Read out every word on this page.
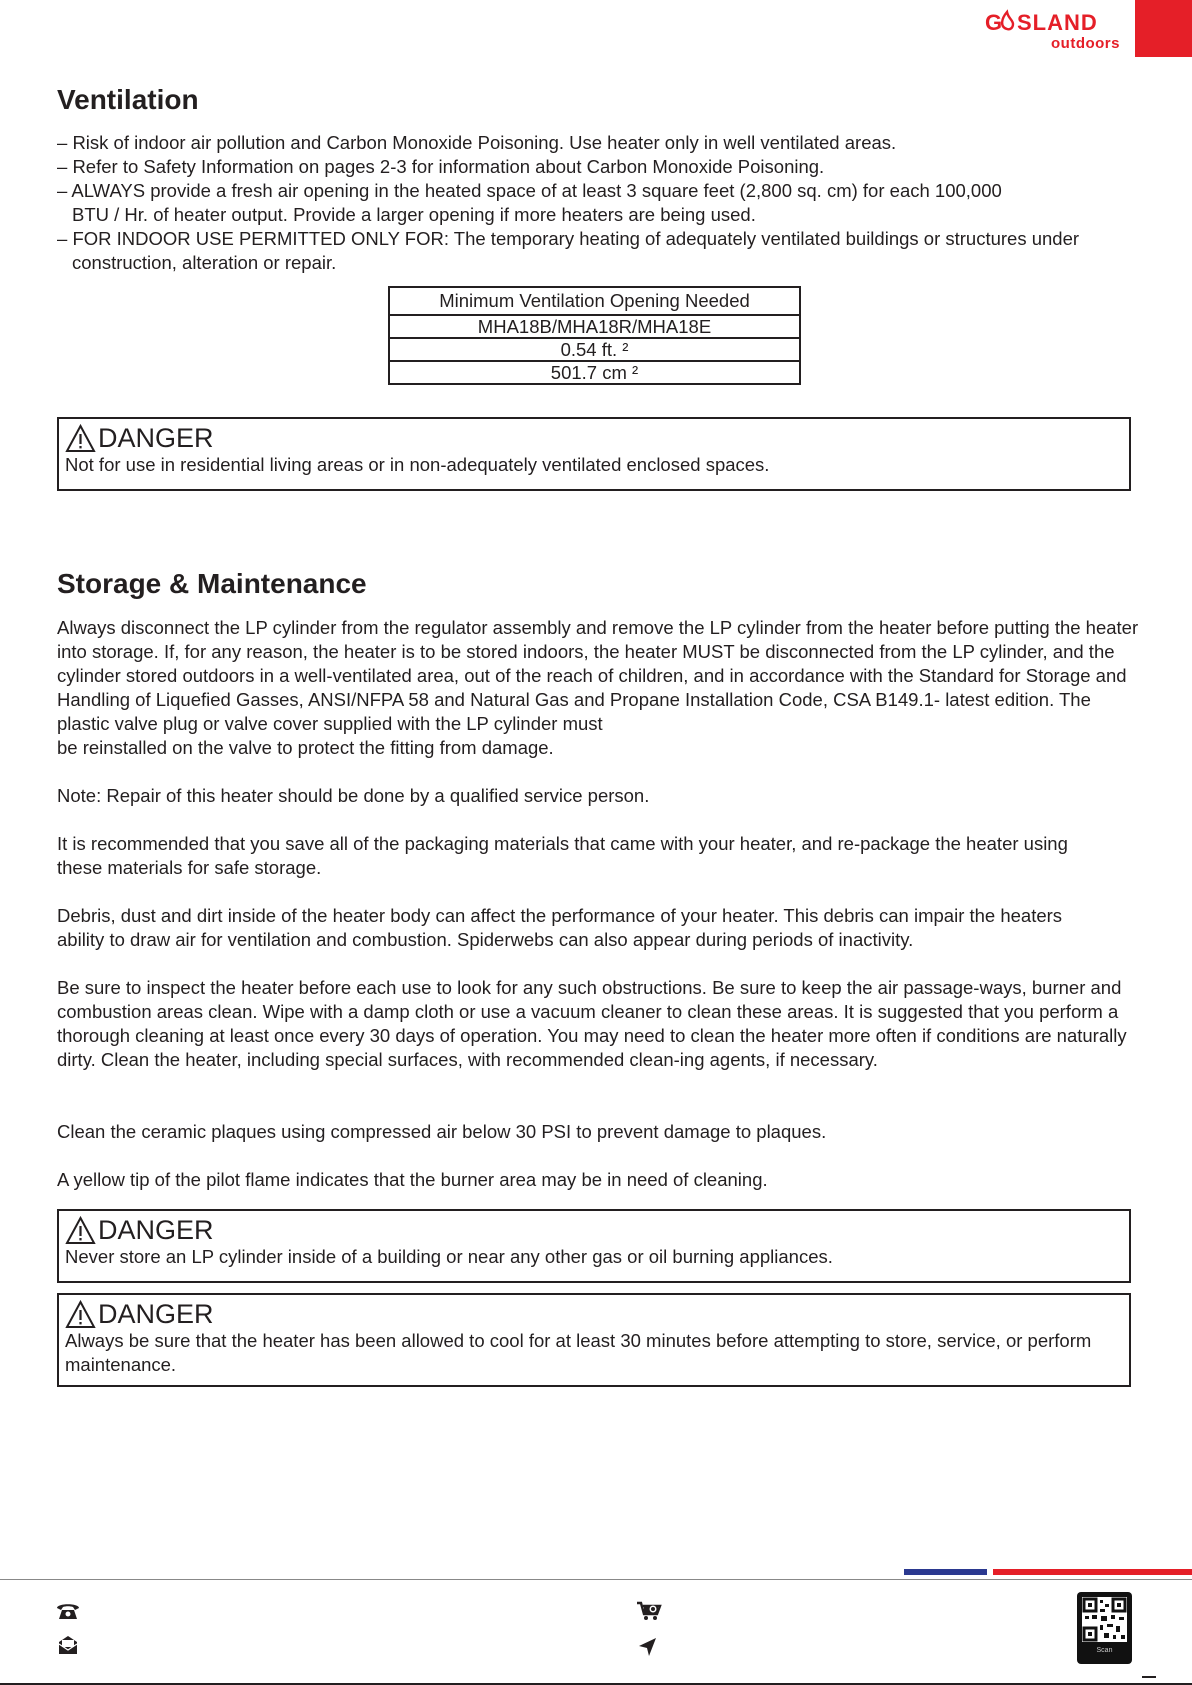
G SLAND
outdoors
Ventilation
– Risk of indoor air pollution and Carbon Monoxide Poisoning. Use heater only in well ventilated areas.
– Refer to Safety Information on pages 2-3 for information about Carbon Monoxide Poisoning.
– ALWAYS provide a fresh air opening in the heated space of at least 3 square feet (2,800 sq. cm) for each 100,000 BTU / Hr. of heater output. Provide a larger opening if more heaters are being used.
– FOR INDOOR USE PERMITTED ONLY FOR: The temporary heating of adequately ventilated buildings or structures under construction, alteration or repair.
Minimum Ventilation Opening Needed
MHA18B/MHA18R/MHA18E
0.54 ft. ²
501.7 cm ²
DANGER
Not for use in residential living areas or in non-adequately ventilated enclosed spaces.
Storage & Maintenance

Always disconnect the LP cylinder from the regulator assembly and remove the LP cylinder from the heater before putting the heater into storage. If, for any reason, the heater is to be stored indoors, the heater MUST be disconnected from the LP cylinder, and the cylinder stored outdoors in a well-ventilated area, out of the reach of children, and in accordance with the Standard for Storage and Handling of Liquefied Gasses, ANSI/NFPA 58 and Natural Gas and Propane Installation Code, CSA B149.1- latest edition. The plastic valve plug or valve cover supplied with the LP cylinder must

be reinstalled on the valve to protect the fitting from damage.

Note: Repair of this heater should be done by a qualified service person.

It is recommended that you save all of the packaging materials that came with your heater, and re-package the heater using these materials for safe storage.

Debris, dust and dirt inside of the heater body can affect the performance of your heater. This debris can impair the heaters ability to draw air for ventilation and combustion. Spiderwebs can also appear during periods of inactivity.

Be sure to inspect the heater before each use to look for any such obstructions. Be sure to keep the air passage-ways, burner and combustion areas clean. Wipe with a damp cloth or use a vacuum cleaner to clean these areas. It is suggested that you perform a thorough cleaning at least once every 30 days of operation. You may need to clean the heater more often if conditions are naturally dirty. Clean the heater, including special surfaces, with recommended clean-ing agents, if necessary.

Clean the ceramic plaques using compressed air below 30 PSI to prevent damage to plaques.

A yellow tip of the pilot flame indicates that the burner area may be in need of cleaning.

DANGER
Never store an LP cylinder inside of a building or near any other gas or oil burning appliances.
DANGER
Always be sure that the heater has been allowed to cool for at least 30 minutes before attempting to store, service, or perform maintenance.
Scan
